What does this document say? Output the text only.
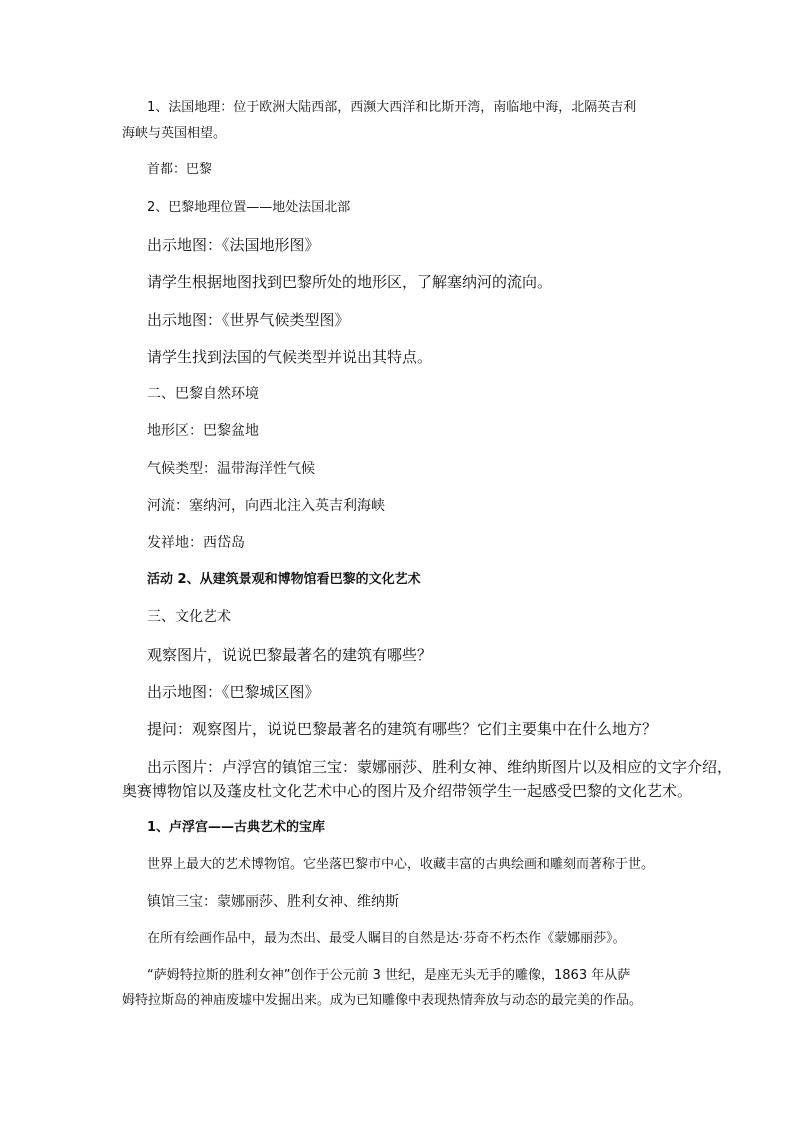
1、法国地理：位于欧洲大陆西部，西濒大西洋和比斯开湾，南临地中海，北隔英吉利
海峡与英国相望。
首都：巴黎
2、巴黎地理位置——地处法国北部
出示地图：《法国地形图》
请学生根据地图找到巴黎所处的地形区，了解塞纳河的流向。
出示地图：《世界气候类型图》
请学生找到法国的气候类型并说出其特点。
二、巴黎自然环境
地形区：巴黎盆地
气候类型：温带海洋性气候
河流：塞纳河，向西北注入英吉利海峡
发祥地：西岱岛
活动 2、从建筑景观和博物馆看巴黎的文化艺术
三、文化艺术
观察图片，说说巴黎最著名的建筑有哪些？
出示地图：《巴黎城区图》
提问：观察图片，说说巴黎最著名的建筑有哪些？它们主要集中在什么地方？
出示图片：卢浮宫的镇馆三宝：蒙娜丽莎、胜利女神、维纳斯图片以及相应的文字介绍，
奥赛博物馆以及蓬皮杜文化艺术中心的图片及介绍带领学生一起感受巴黎的文化艺术。
1、卢浮宫——古典艺术的宝库
世界上最大的艺术博物馆。它坐落巴黎市中心，收藏丰富的古典绘画和雕刻而著称于世。
镇馆三宝：蒙娜丽莎、胜利女神、维纳斯
在所有绘画作品中，最为杰出、最受人瞩目的自然是达·芬奇不朽杰作《蒙娜丽莎》。
“萨姆特拉斯的胜利女神”创作于公元前 3 世纪，是座无头无手的雕像，1863 年从萨
姆特拉斯岛的神庙废墟中发掘出来。成为已知雕像中表现热情奔放与动态的最完美的作品。
